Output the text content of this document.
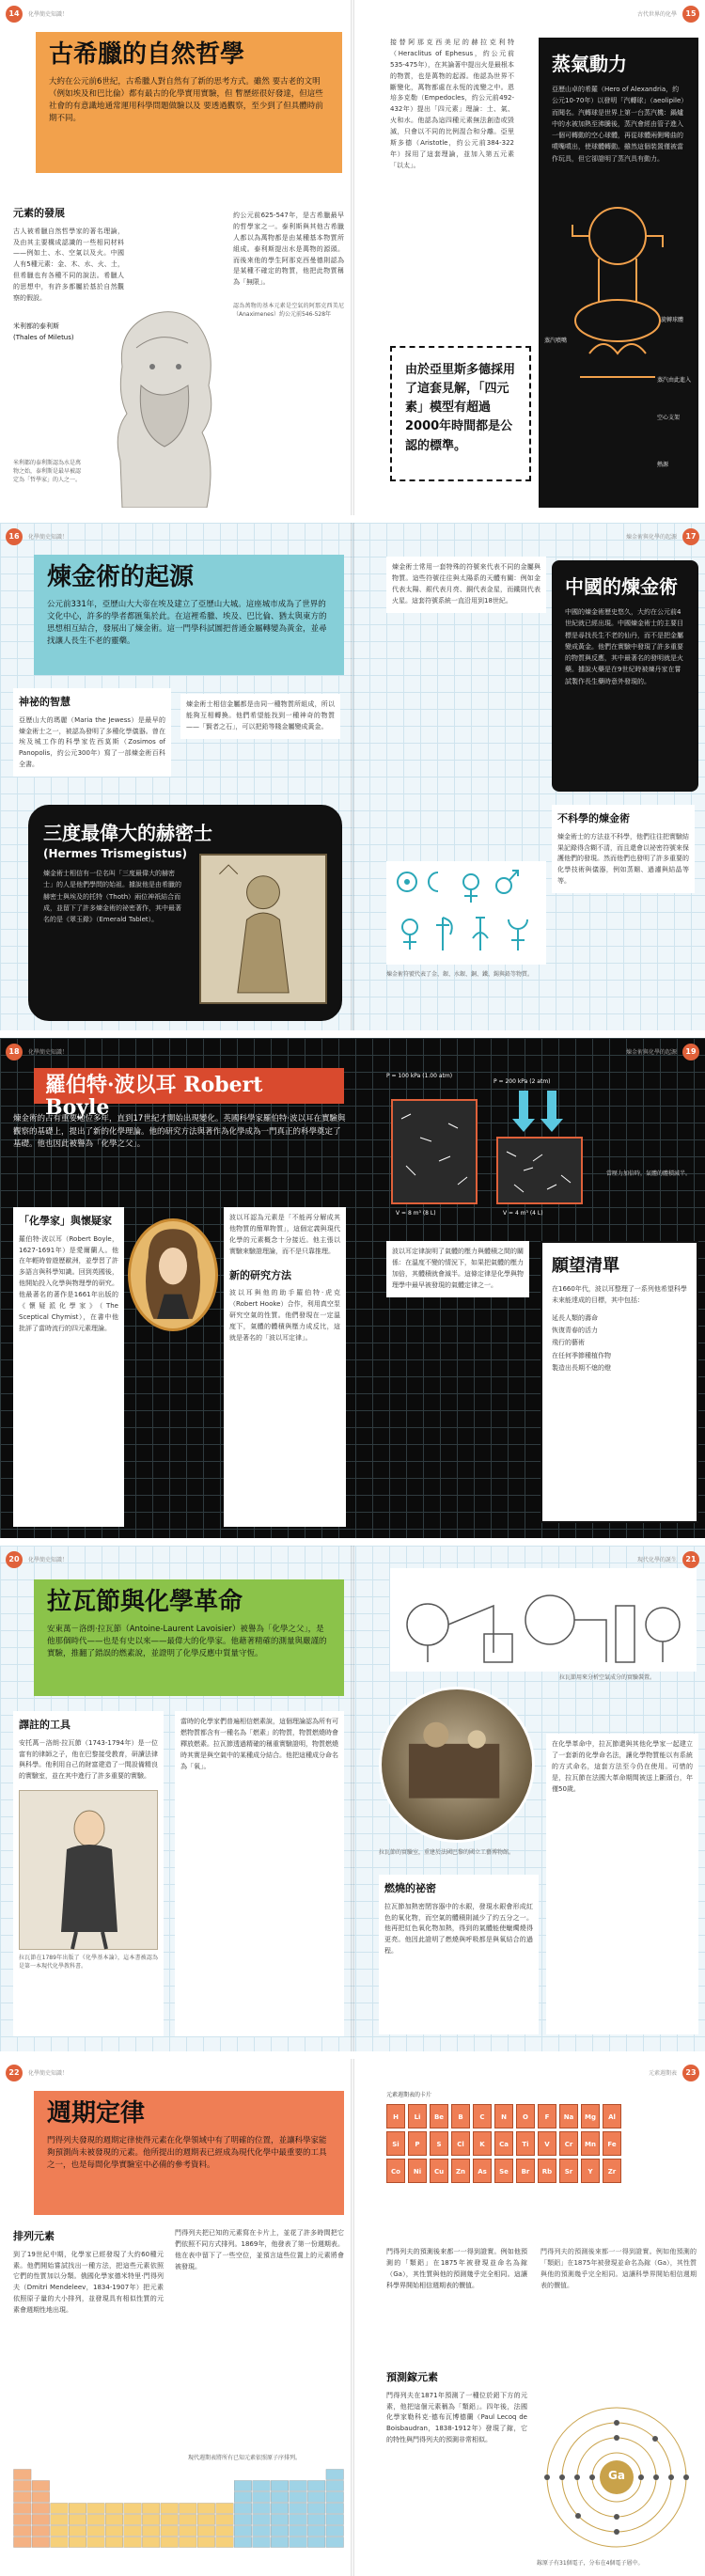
14	化學簡史知識！
古希臘的自然哲學

大約在公元前6世紀，古希臘人對自然有了新的思考方式。雖然 要古老的文明（例如埃及和巴比倫）都有最古的化學實用實驗，但 暫歷經很好發達，但這些社會的有意識地通常運用科學問題做驗以及 要透過觀察，至少到了但具體時前期不同。

元素的發展
古人被希臘自然哲學家的著名理論，及由其主要構成認識的一些相同材料——例如土、水、空氣以及火。中國人有5種元素：金、木、水、火、土，但希臘也有各種不同的說法。希臘人的思想中，有許多都屬於基於自然觀察的假設。
米利都的泰利斯
(Thales of Miletus)
米利都的泰利斯認為水是萬物之始，泰利斯是最早被認定為「哲學家」的人之一。
約公元前625-547年，是古希臘最早的哲學家之一。泰利斯與其他古希臘人都以為萬物都是由某種基本物質所組成。泰利斯提出水是萬物的源頭。而後來他的學生阿那克西曼德則認為是某種不確定的物質，他把此物質稱為「無限」。
認為萬物的基本元素是空氣的阿那克西美尼（Anaximenes）約公元前546-528年
古代世界的化學	15
接替阿那克西美尼的赫拉克利特（Heraclitus of Ephesus，約公元前535-475年），在其論著中提出火是最根本的物質，也是萬物的起源。他認為世界不斷變化，萬物都處在永恆的流變之中。恩培多克勒（Empedocles，約公元前492-432年）提出「四元素」理論：土、氣、火和水。他認為這四種元素無法創造或毀滅，只會以不同的比例混合和分離。亞里斯多德（Aristotle，約公元前384-322年）採用了這套理論，並加入第五元素「以太」。

由於亞里斯多德採用了這套見解，「四元素」模型有超過2000年時間都是公認的標準。

蒸氣動力

亞歷山卓的希羅（Hero of Alexandria，約公元10-70年）以發明「汽轉球」（aeolipile）而聞名。汽轉球是世界上第一台蒸汽機：鍋爐中的水被加熱至沸騰後，蒸汽會經由管子進入一個可轉動的空心球體，再從球體兩側彎曲的噴嘴噴出，使球體轉動。雖然這個裝置僅被當作玩具，但它卻證明了蒸汽具有動力。

旋轉球體
蒸汽噴嘴
蒸汽由此進入
空心支架
熱源
16	化學簡史知識！
煉金術的起源

公元前331年，亞歷山大大帝在埃及建立了亞歷山大城。這座城市成為了世界的文化中心，許多的學者都匯集於此。在這裡希臘、埃及、巴比倫、猶太與東方的思想相互結合，發展出了煉金術。這一門學科試圖把普通金屬轉變為黃金，並尋找讓人長生不老的靈藥。

神祕的智慧
亞歷山大的瑪麗（Maria the Jewess）是最早的煉金術士之一，被認為發明了多種化學儀器。曾在埃及城工作的科學家佐西莫斯（Zosimos of Panopolis，約公元300年）寫了一部煉金術百科全書。
煉金術士相信金屬都是由同一種物質所組成，所以能夠互相轉換。他們希望能找到一種神奇的物質——「賢者之石」，可以把鉛等賤金屬變成黃金。
三度最偉大的赫密士
(Hermes Trismegistus)

煉金術士相信有一位名叫「三度最偉大的赫密士」的人是他們學問的始祖。據說他是由希臘的赫密士與埃及的托特（Thoth）兩位神祇結合而成，並留下了許多煉金術的祕密著作，其中最著名的是《翠玉錄》（Emerald Tablet）。

煉金術與化學的起源	17
煉金術士常用一套特殊的符號來代表不同的金屬與物質。這些符號往往與太陽系的天體有關：例如金代表太陽、銀代表月亮、銅代表金星，而鐵則代表火星。這套符號系統一直沿用到18世紀。
煉金術符號代表了金、銀、水銀、銅、鐵、錫與鉛等物質。
不科學的煉金術
煉金術士的方法並不科學，他們往往把實驗結果記錄得含糊不清，而且還會以祕密符號來保護他們的發現。然而他們也發明了許多重要的化學技術與儀器，例如蒸餾、過濾與結晶等等。
中國的煉金術

中國的煉金術歷史悠久，大約在公元前4世紀就已經出現。中國煉金術士的主要目標是尋找長生不老的仙丹，而不是把金屬變成黃金。他們在實驗中發現了許多重要的物質與反應，其中最著名的發明就是火藥。據說火藥是在9世紀時被煉丹家在嘗試製作長生藥時意外發現的。

18	化學簡史知識！
羅伯特·波以耳 Robert Boyle
煉金術的占有重要地位多年，直到17世紀才開始出現變化。英國科學家羅伯特·波以耳在實驗與觀察的基礎上，提出了新的化學理論。他的研究方法與著作為化學成為一門真正的科學奠定了基礎。他也因此被譽為「化學之父」。
「化學家」與懷疑家
羅伯特·波以耳（Robert Boyle，1627-1691年）是愛爾蘭人。他在年輕時曾遊歷歐洲，並學習了許多語言與科學知識。回到英國後，他開始投入化學與物理學的研究。他最著名的著作是1661年出版的《懷疑派化學家》（The Sceptical Chymist），在書中他批評了當時流行的四元素理論。
波以耳認為元素是「不能再分解成其他物質的簡單物質」，這個定義與現代化學的元素概念十分接近。他主張以實驗來驗證理論，而不是只靠推理。
新的研究方法
波以耳與他的助手羅伯特·虎克（Robert Hooke）合作，利用真空泵研究空氣的性質。他們發現在一定溫度下，氣體的體積與壓力成反比，這就是著名的「波以耳定律」。
煉金術與化學的起源	19
P = 100 kPa (1.00 atm)
P = 200 kPa (2 atm)
V = 8 m³ (8 L)	V = 4 m³ (4 L)
當壓力加倍時，氣體的體積減半。
波以耳定律說明了氣體的壓力與體積之間的關係：在溫度不變的情況下，如果把氣體的壓力加倍，其體積就會減半。這條定律是化學與物理學中最早被發現的氣體定律之一。
願望清單
在1660年代，波以耳整理了一系列他希望科學未來能達成的目標，其中包括：
延長人類的壽命
恢復青春的活力
飛行的藝術
在任何季節種植作物
製造出長期不熄的燈
20	化學簡史知識！
拉瓦節與化學革命

安東萬－洛朗·拉瓦節（Antoine-Laurent Lavoisier）被譽為「化學之父」，是他那個時代——也是有史以來——最偉大的化學家。他藉著精確的測量與嚴謹的實驗，推翻了錯誤的燃素說，並證明了化學反應中質量守恆。

譯註的工具
安托萬－洛朗·拉瓦節（1743-1794年）是一位富有的律師之子，他在巴黎接受教育，研讀法律與科學。他利用自己的財富建造了一間設備精良的實驗室，並在其中進行了許多重要的實驗。
拉瓦節在1789年出版了《化學基本論》，這本書被認為是第一本現代化學教科書。
當時的化學家們普遍相信燃素說，這個理論認為所有可燃物質都含有一種名為「燃素」的物質，物質燃燒時會釋放燃素。拉瓦節透過精確的稱重實驗證明，物質燃燒時其實是與空氣中的某種成分結合。他把這種成分命名為「氧」。
現代化學的誕生	21
拉瓦節用來分析空氣成分的實驗裝置。
拉瓦節的實驗室，重建於法國巴黎的國立工藝博物館。
燃燒的祕密
拉瓦節加熱密閉容器中的水銀，發現水銀會形成紅色的氧化物，而空氣的體積則減少了約五分之一。他再把紅色氧化物加熱，得到的氣體能使蠟燭燒得更亮。他因此證明了燃燒與呼吸都是與氧結合的過程。
在化學革命中，拉瓦節還與其他化學家一起建立了一套新的化學命名法，讓化學物質能以有系統的方式命名，這套方法至今仍在使用。可惜的是，拉瓦節在法國大革命期間被送上斷頭台，年僅50歲。
22	化學簡史知識！
週期定律

門得列夫發現的週期定律使得元素在化學領域中有了明確的位置，並讓科學家能夠預測尚未被發現的元素。他所提出的週期表已經成為現代化學中最重要的工具之一，也是每間化學實驗室中必備的參考資料。

排列元素
到了19世紀中期，化學家已經發現了大約60種元素。他們開始嘗試找出一種方法，把這些元素依照它們的性質加以分類。俄國化學家德米特里·門得列夫（Dmitri Mendeleev，1834-1907年）把元素依照原子量的大小排列，並發現具有相似性質的元素會週期性地出現。
門得列夫把已知的元素寫在卡片上，並花了許多時間把它們依照不同方式排列。1869年，他發表了第一份週期表。他在表中留下了一些空位，並預言這些位置上的元素將會被發現。
現代週期表將所有已知元素依照原子序排列。
元素週期表	23
元素週期表的卡片
H	Li	Be	B	C	N	O	F	Na	Mg	Al
Si	P	S	Cl	K	Ca	Ti	V	Cr	Mn	Fe
Co	Ni	Cu	Zn	As	Se	Br	Rb	Sr	Y	Zr
門得列夫的預測後來都一一得到證實。例如他預測的「類鋁」在1875年被發現並命名為鎵（Ga），其性質與他的預測幾乎完全相同。這讓科學界開始相信週期表的價值。
預測鎵元素
門得列夫在1871年預測了一種位於鋁下方的元素，他把這個元素稱為「類鋁」。四年後，法國化學家勒科克·德布瓦博德蘭（Paul Lecoq de Boisbaudran，1838-1912年）發現了鎵，它的特性與門得列夫的預測非常相似。
Ga
鎵原子有31個電子，分布在4個電子層中。
門得列夫的預測後來都一一得到證實。例如他預測的「類鋁」在1875年被發現並命名為鎵（Ga），其性質與他的預測幾乎完全相同。這讓科學界開始相信週期表的價值。
